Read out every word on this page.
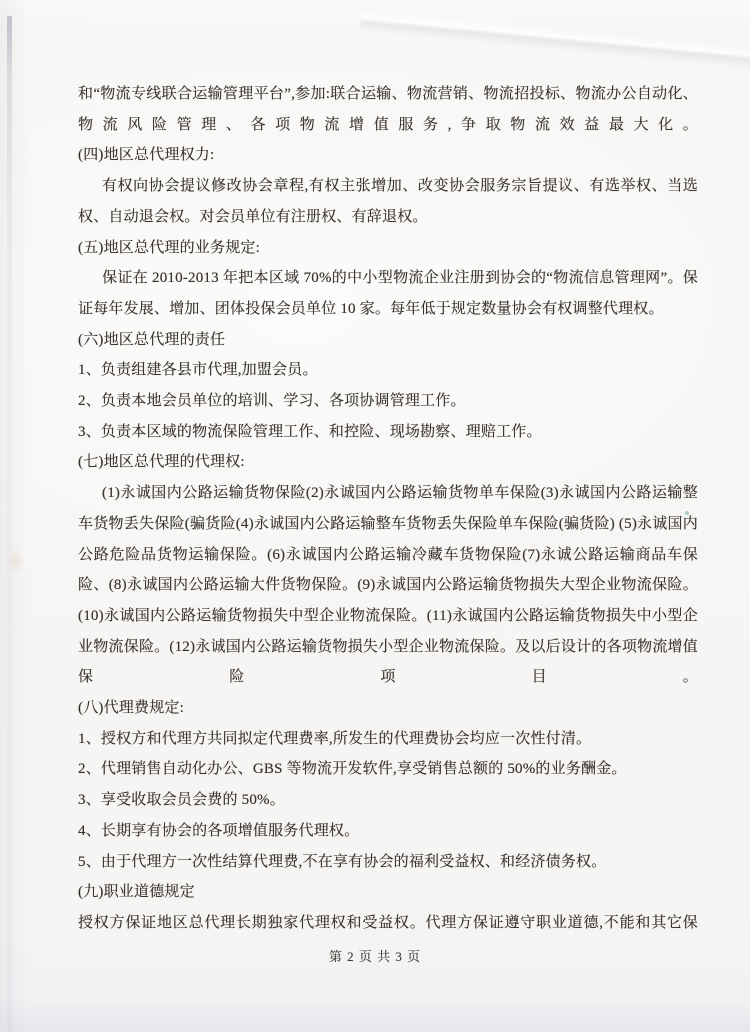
和“物流专线联合运输管理平台”,参加:联合运输、物流营销、物流招投标、物流办公自动化、物流风险管理、各项物流增值服务,争取物流效益最大化。

(四)地区总代理权力:

有权向协会提议修改协会章程,有权主张增加、改变协会服务宗旨提议、有选举权、当选权、自动退会权。对会员单位有注册权、有辞退权。

(五)地区总代理的业务规定:

保证在 2010-2013 年把本区域 70%的中小型物流企业注册到协会的“物流信息管理网”。保证每年发展、增加、团体投保会员单位 10 家。每年低于规定数量协会有权调整代理权。

(六)地区总代理的责任

1、负责组建各县市代理,加盟会员。

2、负责本地会员单位的培训、学习、各项协调管理工作。

3、负责本区域的物流保险管理工作、和控险、现场勘察、理赔工作。

(七)地区总代理的代理权:

(1)永诚国内公路运输货物保险(2)永诚国内公路运输货物单车保险(3)永诚国内公路运输整车货物丢失保险(骗货险(4)永诚国内公路运输整车货物丢失保险单车保险(骗货险) (5)永诚国内公路危险品货物运输保险。(6)永诚国内公路运输冷藏车货物保险(7)永诚公路运输商品车保险、(8)永诚国内公路运输大件货物保险。(9)永诚国内公路运输货物损失大型企业物流保险。(10)永诚国内公路运输货物损失中型企业物流保险。(11)永诚国内公路运输货物损失中小型企业物流保险。(12)永诚国内公路运输货物损失小型企业物流保险。及以后设计的各项物流增值保险项目。

(八)代理费规定:

1、授权方和代理方共同拟定代理费率,所发生的代理费协会均应一次性付清。

2、代理销售自动化办公、GBS 等物流开发软件,享受销售总额的 50%的业务酬金。

3、享受收取会员会费的 50%。

4、长期享有协会的各项增值服务代理权。

5、由于代理方一次性结算代理费,不在享有协会的福利受益权、和经济债务权。

(九)职业道德规定

授权方保证地区总代理长期独家代理权和受益权。代理方保证遵守职业道德,不能和其它保

第 2 页 共 3 页
